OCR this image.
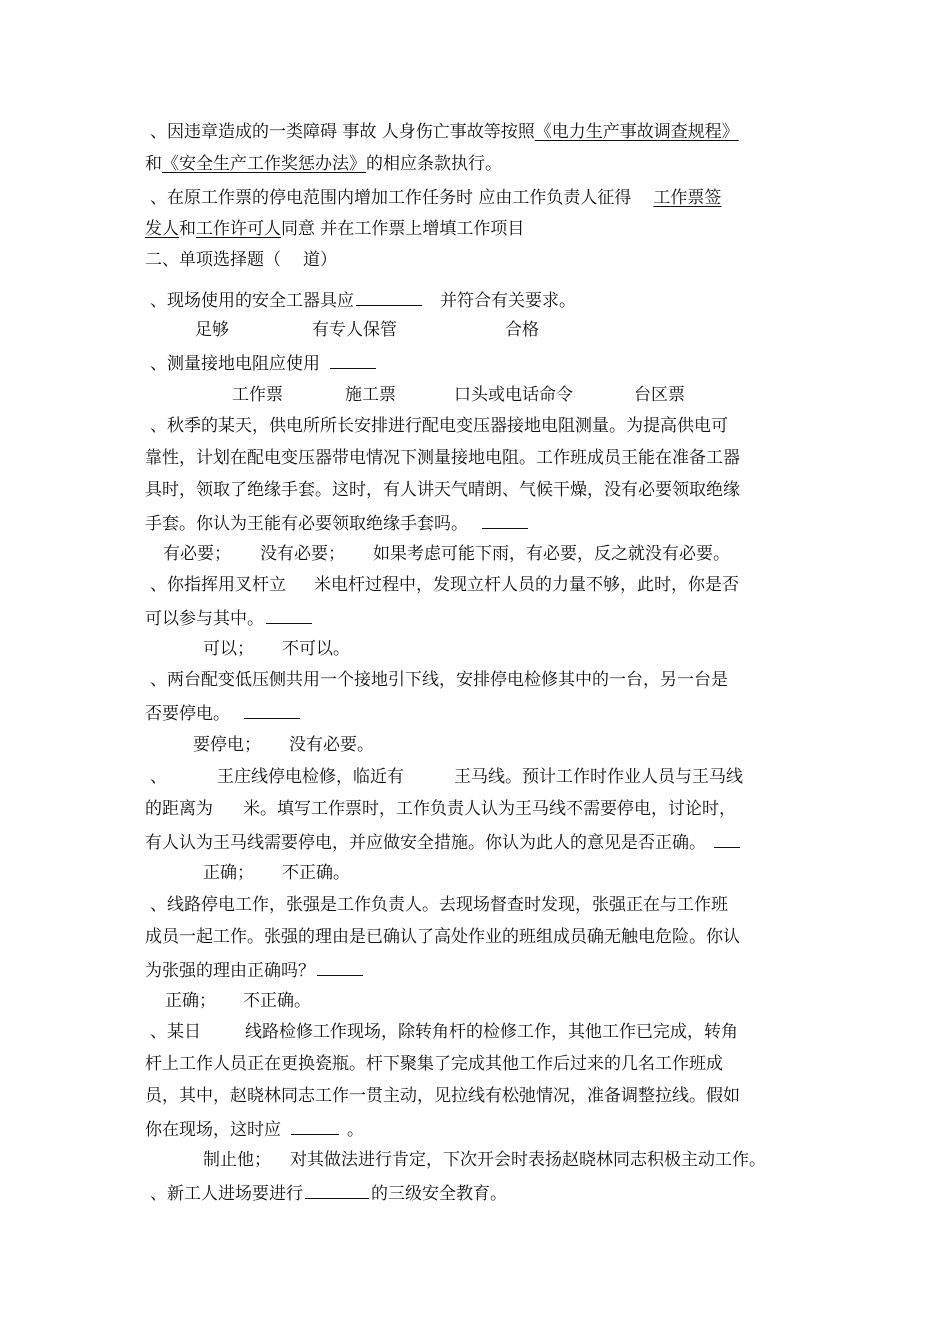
、因违章造成的一类障碍 事故 人身伤亡事故等按照《电力生产事故调查规程》
和《安全生产工作奖惩办法》的相应条款执行。
、在原工作票的停电范围内增加工作任务时 应由工作负责人征得 工作票签
发人和工作许可人同意 并在工作票上增填工作项目
二、单项选择题（ 道）
、现场使用的安全工器具应	并符合有关要求。
足够	有专人保管	合格
、测量接地电阻应使用
工作票	施工票	口头或电话命令	台区票
、秋季的某天，供电所所长安排进行配电变压器接地电阻测量。为提高供电可
靠性，计划在配电变压器带电情况下测量接地电阻。工作班成员王能在准备工器
具时，领取了绝缘手套。这时，有人讲天气晴朗、气候干燥，没有必要领取绝缘
手套。你认为王能有必要领取绝缘手套吗。
有必要； 没有必要； 如果考虑可能下雨，有必要，反之就没有必要。
、你指挥用叉杆立 米电杆过程中，发现立杆人员的力量不够，此时，你是否
可以参与其中。
可以； 不可以。
、两台配变低压侧共用一个接地引下线，安排停电检修其中的一台，另一台是
否要停电。
要停电； 没有必要。
、	王庄线停电检修，临近有	王马线。预计工作时作业人员与王马线
的距离为 米。填写工作票时，工作负责人认为王马线不需要停电，讨论时，
有人认为王马线需要停电，并应做安全措施。你认为此人的意见是否正确。
正确； 不正确。
、线路停电工作，张强是工作负责人。去现场督查时发现，张强正在与工作班
成员一起工作。张强的理由是已确认了高处作业的班组成员确无触电危险。你认
为张强的理由正确吗？
正确； 不正确。
、某日	线路检修工作现场，除转角杆的检修工作，其他工作已完成，转角
杆上工作人员正在更换瓷瓶。杆下聚集了完成其他工作后过来的几名工作班成
员，其中，赵晓林同志工作一贯主动，见拉线有松弛情况，准备调整拉线。假如
你在现场，这时应	。
制止他； 对其做法进行肯定，下次开会时表扬赵晓林同志积极主动工作。
、新工人进场要进行	的三级安全教育。
